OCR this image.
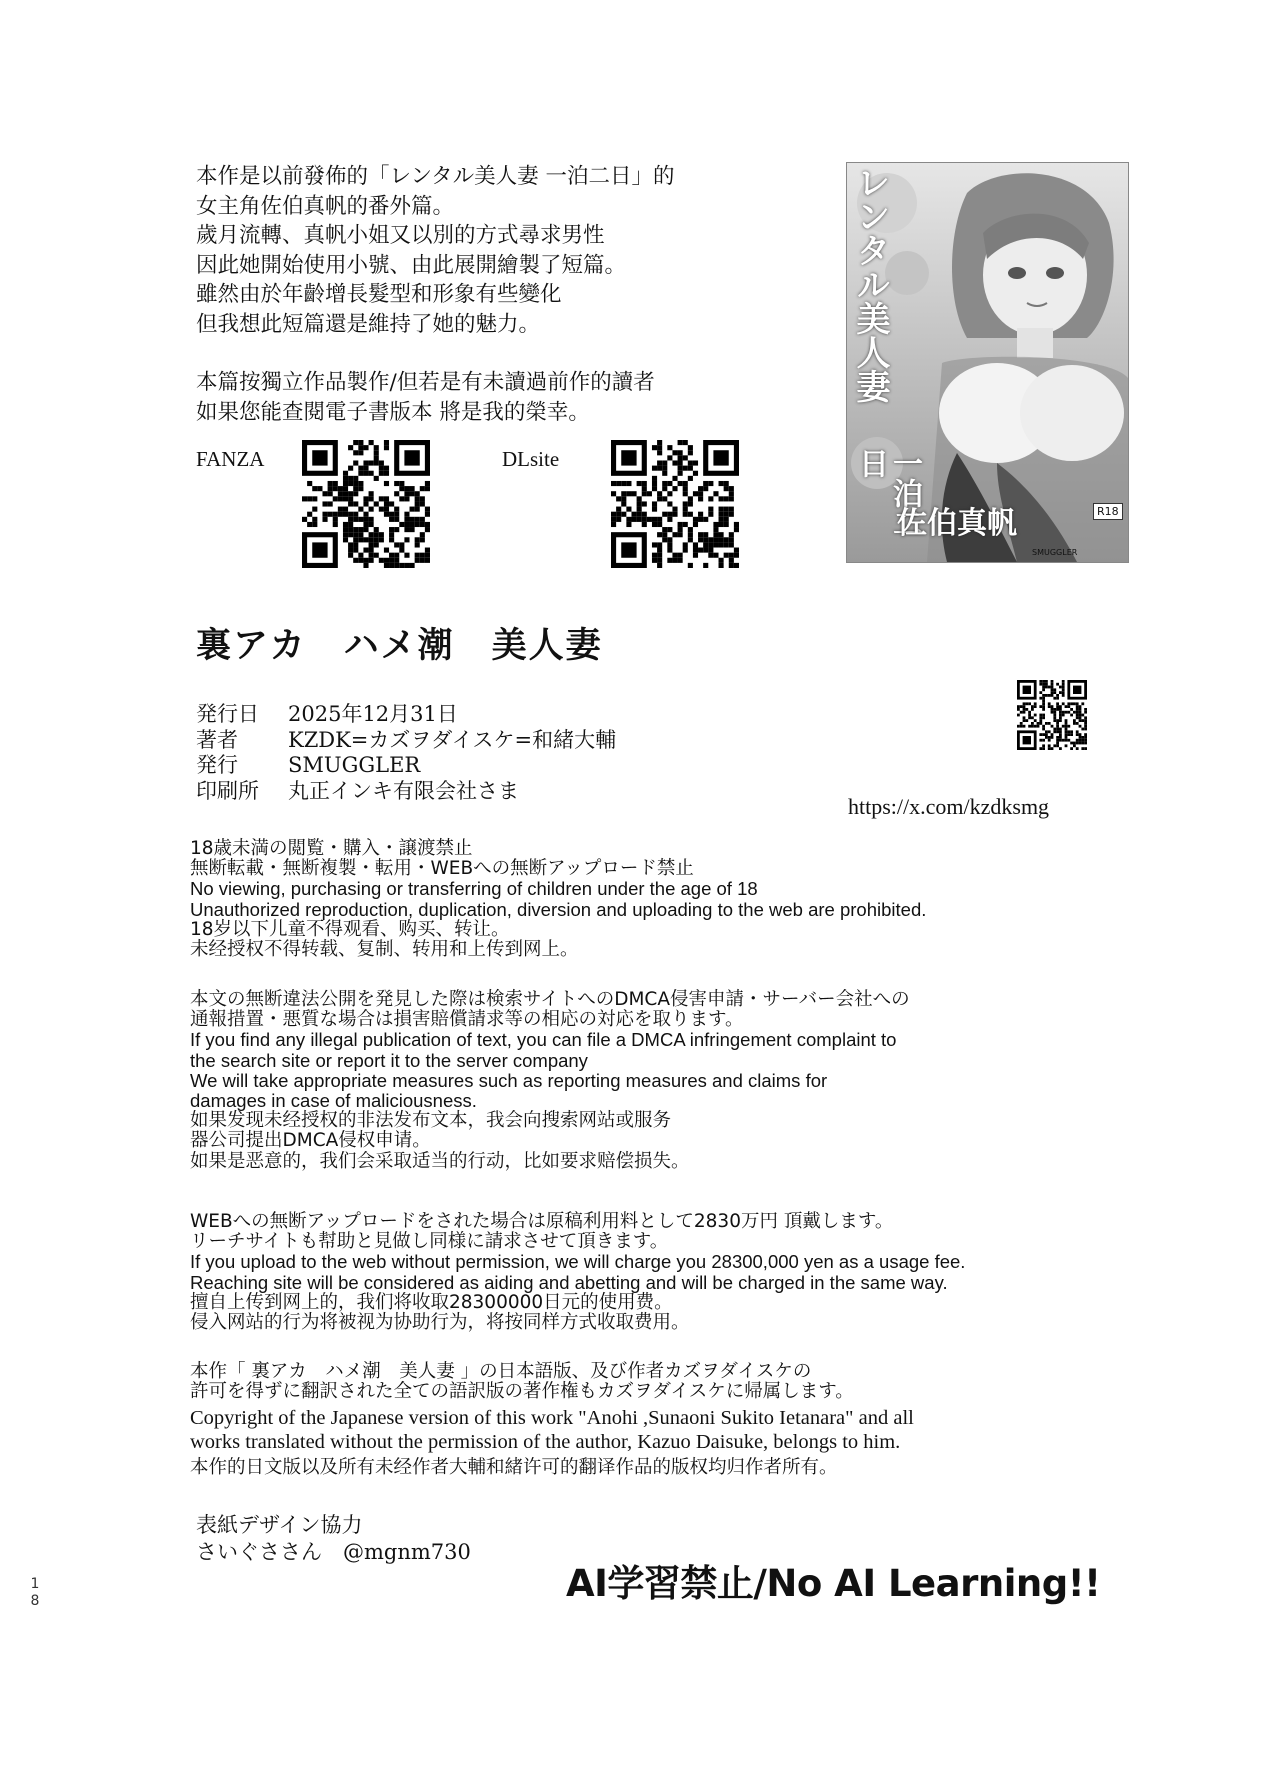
本作是以前發佈的「レンタル美人妻 一泊二日」的
女主角佐伯真帆的番外篇。
歲月流轉、真帆小姐又以別的方式尋求男性
因此她開始使用小號、由此展開繪製了短篇。
雖然由於年齡增長髮型和形象有些變化
但我想此短篇還是維持了她的魅力。
本篇按獨立作品製作/但若是有未讀過前作的讀者
如果您能查閱電子書版本 將是我的榮幸。
FANZA	DLsite
レンタル美人妻
一泊二日
佐伯真帆	R18
SMUGGLER
裏アカ　ハメ潮　美人妻
発行日	2025年12月31日
著者	KZDK=カズヲダイスケ=和緒大輔
発行	SMUGGLER
印刷所	丸正インキ有限会社さま
https://x.com/kzdksmg
18歳未満の閲覧・購入・譲渡禁止
無断転載・無断複製・転用・WEBへの無断アップロード禁止
No viewing, purchasing or transferring of children under the age of 18
Unauthorized reproduction, duplication, diversion and uploading to the web are prohibited.
18岁以下儿童不得观看、购买、转让。
未经授权不得转载、复制、转用和上传到网上。
本文の無断違法公開を発見した際は検索サイトへのDMCA侵害申請・サーバー会社への
通報措置・悪質な場合は損害賠償請求等の相応の対応を取ります。
If you find any illegal publication of text, you can file a DMCA infringement complaint to
the search site or report it to the server company
We will take appropriate measures such as reporting measures and claims for
damages in case of maliciousness.
如果发现未经授权的非法发布文本，我会向搜索网站或服务
器公司提出DMCA侵权申请。
如果是恶意的，我们会采取适当的行动，比如要求赔偿损失。
WEBへの無断アップロードをされた場合は原稿利用料として2830万円 頂戴します。
リーチサイトも幇助と見做し同様に請求させて頂きます。
If you upload to the web without permission, we will charge you 28300,000 yen as a usage fee.
Reaching site will be considered as aiding and abetting and will be charged in the same way.
擅自上传到网上的，我们将收取28300000日元的使用费。
侵入网站的行为将被视为协助行为，将按同样方式收取费用。
本作「 裏アカ　ハメ潮　美人妻 」の日本語版、及び作者カズヲダイスケの
許可を得ずに翻訳された全ての語訳版の著作権もカズヲダイスケに帰属します。
Copyright of the Japanese version of this work "Anohi ,Sunaoni Sukito Ietanara" and all
works translated without the permission of the author, Kazuo Daisuke, belongs to him.
本作的日文版以及所有未经作者大輔和緒许可的翻译作品的版权均归作者所有。
表紙デザイン協力
さいぐささん　@mgnm730
AI学習禁止/No AI Learning!!
18
